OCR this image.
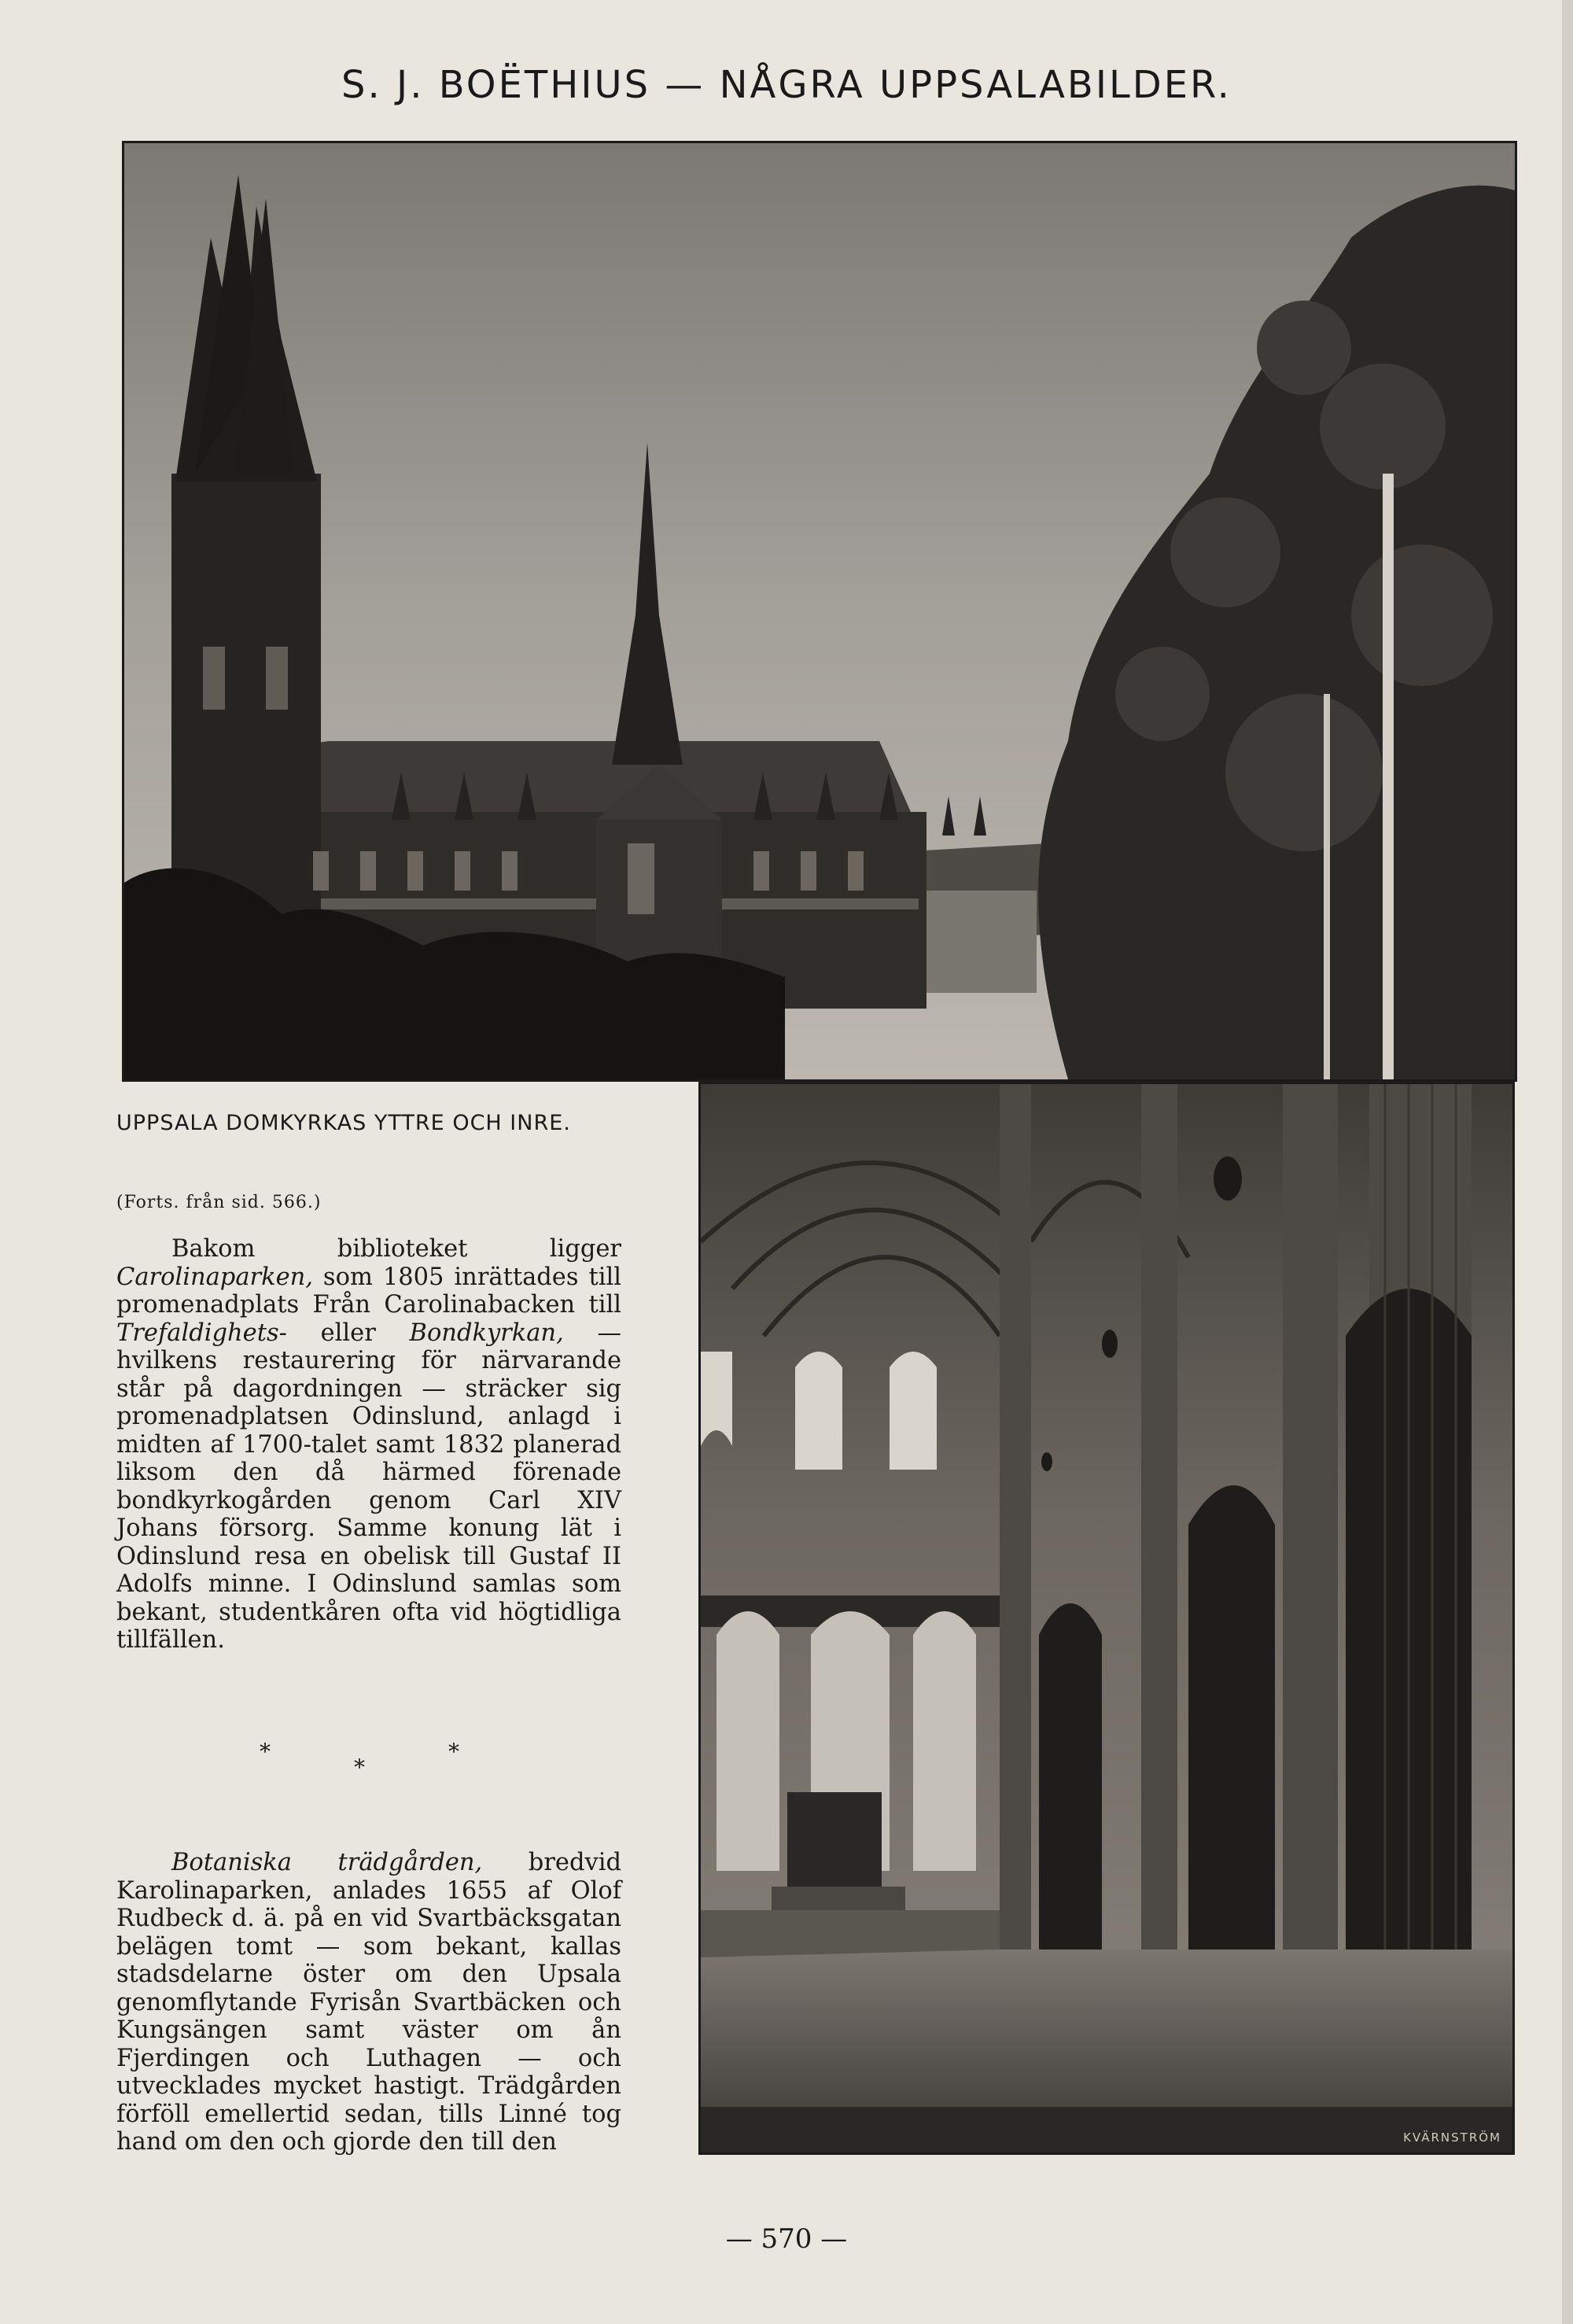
S. J. BOËTHIUS — NÅGRA UPPSALABILDER.
UPPSALA DOMKYRKAS YTTRE OCH INRE.
KVÄRNSTRÖM
(Forts. från sid. 566.)

Bakom biblioteket ligger Carolinaparken, som 1805 inrättades till promenadplats Från Carolinabacken till Trefaldighets- eller Bondkyrkan, — hvilkens restaurering för närvarande står på dagordningen — sträcker sig promenadplatsen Odinslund, anlagd i midten af 1700-talet samt 1832 planerad liksom den då härmed förenade bondkyrkogården genom Carl XIV Johans försorg. Samme konung lät i Odinslund resa en obelisk till Gustaf II Adolfs minne. I Odinslund samlas som bekant, studentkåren ofta vid högtidliga tillfällen.

*
*
*

Botaniska trädgården, bredvid Karolinaparken, anlades 1655 af Olof Rudbeck d. ä. på en vid Svartbäcksgatan belägen tomt — som bekant, kallas stadsdelarne öster om den Upsala genomflytande Fyrisån Svartbäcken och Kungsängen samt väster om ån Fjerdingen och Luthagen — och utvecklades mycket hastigt. Trädgården förföll emellertid sedan, tills Linné tog hand om den och gjorde den till den

— 570 —
